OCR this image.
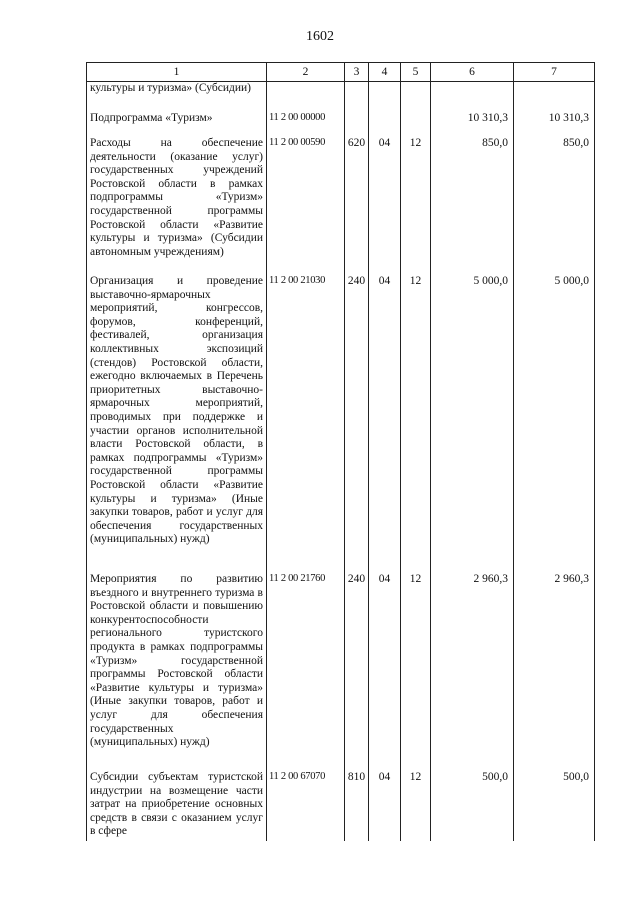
1602
1	2	3	4	5	6	7
культуры и туризма» (Субсидии)						
Подпрограмма «Туризм»	11 2 00 00000				10 310,3	10 310,3
Расходы на обеспечение деятельности (оказание услуг) государственных учреждений Ростовской области в рамках подпрограммы «Туризм» государственной программы Ростовской области «Развитие культуры и туризма» (Субсидии автономным учреждениям)	11 2 00 00590	620	04	12	850,0	850,0
Организация и проведение выставочно-ярмарочных мероприятий, конгрессов, форумов, конференций, фестивалей, организация коллективных экспозиций (стендов) Ростовской области, ежегодно включаемых в Перечень приоритетных выставочно-ярмарочных мероприятий, проводимых при поддержке и участии органов исполнительной власти Ростовской области, в рамках подпрограммы «Туризм» государственной программы Ростовской области «Развитие культуры и туризма» (Иные закупки товаров, работ и услуг для обеспечения государственных (муниципальных) нужд)	11 2 00 21030	240	04	12	5 000,0	5 000,0
Мероприятия по развитию въездного и внутреннего туризма в Ростовской области и повышению конкурентоспособности регионального туристского продукта в рамках подпрограммы «Туризм» государственной программы Ростовской области «Развитие культуры и туризма» (Иные закупки товаров, работ и услуг для обеспечения государственных (муниципальных) нужд)	11 2 00 21760	240	04	12	2 960,3	2 960,3
Субсидии субъектам туристской индустрии на возмещение части затрат на приобретение основных средств в связи с оказанием услуг в сфере	11 2 00 67070	810	04	12	500,0	500,0
